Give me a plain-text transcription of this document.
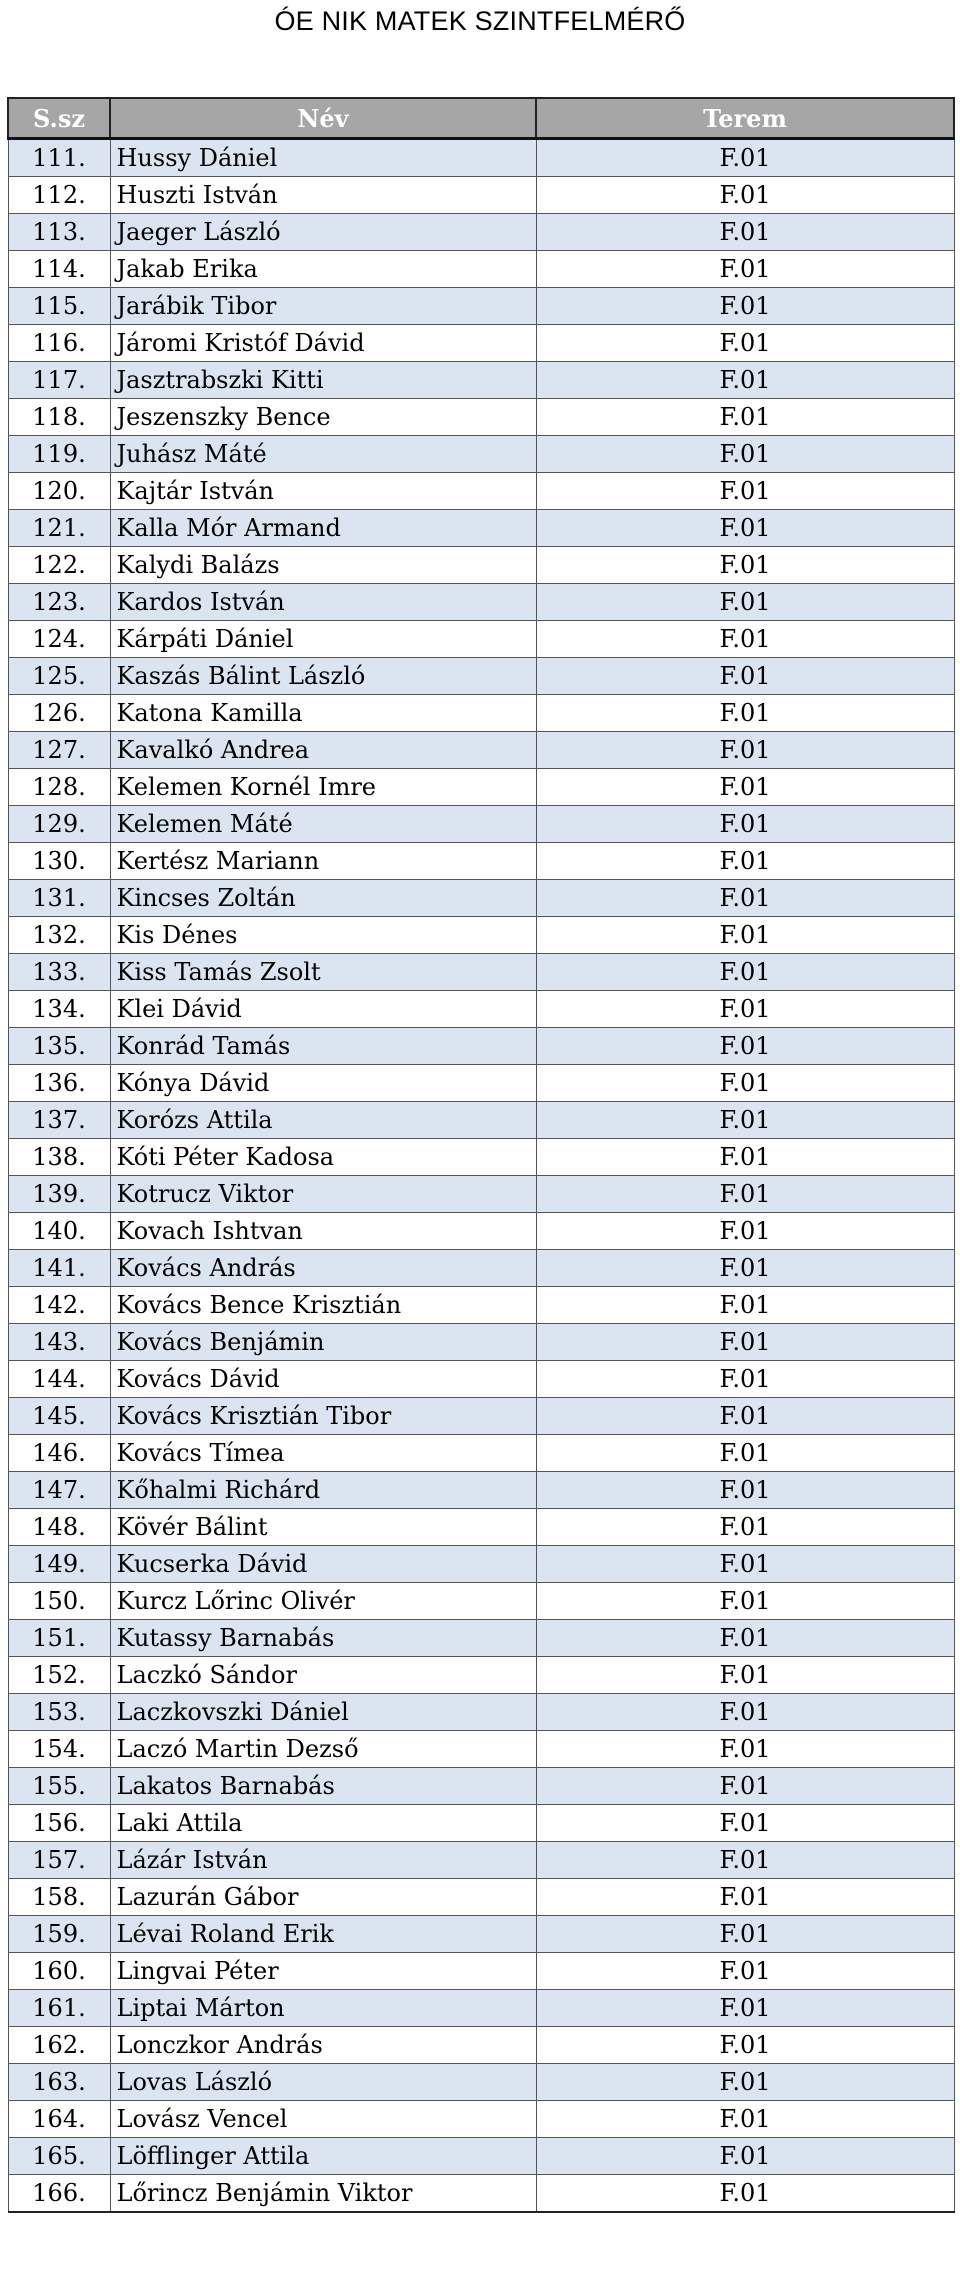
ÓE NIK MATEK SZINTFELMÉRŐ
S.sz	Név	Terem
111.	Hussy Dániel	F.01
112.	Huszti István	F.01
113.	Jaeger László	F.01
114.	Jakab Erika	F.01
115.	Jarábik Tibor	F.01
116.	Járomi Kristóf Dávid	F.01
117.	Jasztrabszki Kitti	F.01
118.	Jeszenszky Bence	F.01
119.	Juhász Máté	F.01
120.	Kajtár István	F.01
121.	Kalla Mór Armand	F.01
122.	Kalydi Balázs	F.01
123.	Kardos István	F.01
124.	Kárpáti Dániel	F.01
125.	Kaszás Bálint László	F.01
126.	Katona Kamilla	F.01
127.	Kavalkó Andrea	F.01
128.	Kelemen Kornél Imre	F.01
129.	Kelemen Máté	F.01
130.	Kertész Mariann	F.01
131.	Kincses Zoltán	F.01
132.	Kis Dénes	F.01
133.	Kiss Tamás Zsolt	F.01
134.	Klei Dávid	F.01
135.	Konrád Tamás	F.01
136.	Kónya Dávid	F.01
137.	Korózs Attila	F.01
138.	Kóti Péter Kadosa	F.01
139.	Kotrucz Viktor	F.01
140.	Kovach Ishtvan	F.01
141.	Kovács András	F.01
142.	Kovács Bence Krisztián	F.01
143.	Kovács Benjámin	F.01
144.	Kovács Dávid	F.01
145.	Kovács Krisztián Tibor	F.01
146.	Kovács Tímea	F.01
147.	Kőhalmi Richárd	F.01
148.	Kövér Bálint	F.01
149.	Kucserka Dávid	F.01
150.	Kurcz Lőrinc Olivér	F.01
151.	Kutassy Barnabás	F.01
152.	Laczkó Sándor	F.01
153.	Laczkovszki Dániel	F.01
154.	Laczó Martin Dezső	F.01
155.	Lakatos Barnabás	F.01
156.	Laki Attila	F.01
157.	Lázár István	F.01
158.	Lazurán Gábor	F.01
159.	Lévai Roland Erik	F.01
160.	Lingvai Péter	F.01
161.	Liptai Márton	F.01
162.	Lonczkor András	F.01
163.	Lovas László	F.01
164.	Lovász Vencel	F.01
165.	Löfflinger Attila	F.01
166.	Lőrincz Benjámin Viktor	F.01
